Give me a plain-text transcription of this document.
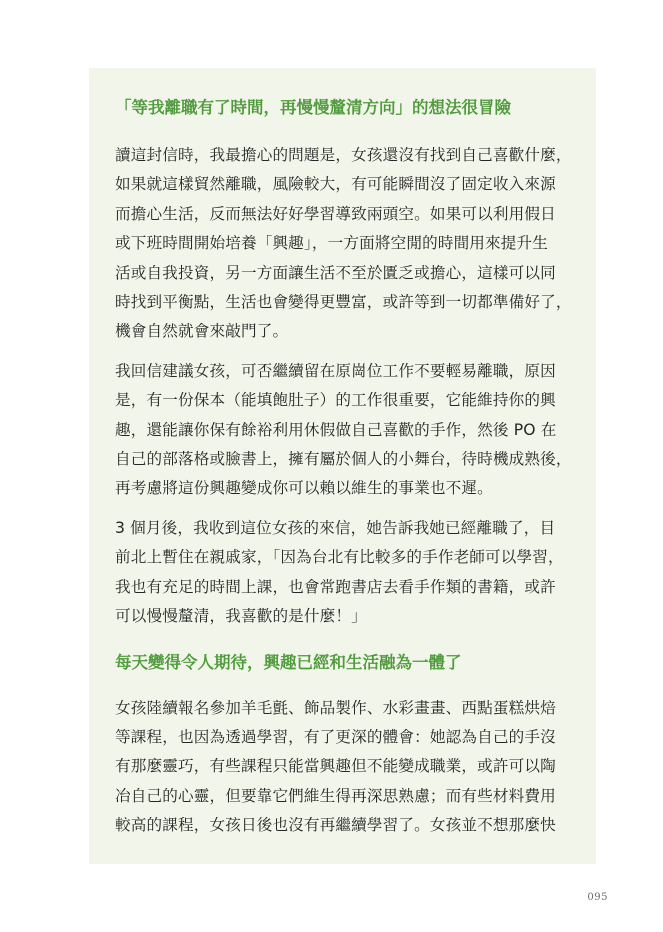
「等我離職有了時間，再慢慢釐清方向」的想法很冒險

讀這封信時，我最擔心的問題是，女孩還沒有找到自己喜歡什麼，
如果就這樣貿然離職，風險較大，有可能瞬間沒了固定收入來源
而擔心生活，反而無法好好學習導致兩頭空。如果可以利用假日
或下班時間開始培養「興趣」，一方面將空閒的時間用來提升生
活或自我投資，另一方面讓生活不至於匱乏或擔心，這樣可以同
時找到平衡點，生活也會變得更豐富，或許等到一切都準備好了，
機會自然就會來敲門了。

我回信建議女孩，可否繼續留在原崗位工作不要輕易離職，原因
是，有一份保本（能填飽肚子）的工作很重要，它能維持你的興
趣，還能讓你保有餘裕利用休假做自己喜歡的手作，然後 PO 在
自己的部落格或臉書上，擁有屬於個人的小舞台，待時機成熟後，
再考慮將這份興趣變成你可以賴以維生的事業也不遲。

3 個月後，我收到這位女孩的來信，她告訴我她已經離職了，目
前北上暫住在親戚家，「因為台北有比較多的手作老師可以學習，
我也有充足的時間上課，也會常跑書店去看手作類的書籍，或許
可以慢慢釐清，我喜歡的是什麼！」

每天變得令人期待，興趣已經和生活融為一體了

女孩陸續報名參加羊毛氈、飾品製作、水彩畫畫、西點蛋糕烘焙
等課程，也因為透過學習，有了更深的體會：她認為自己的手沒
有那麼靈巧，有些課程只能當興趣但不能變成職業，或許可以陶
冶自己的心靈，但要靠它們維生得再深思熟慮；而有些材料費用
較高的課程，女孩日後也沒有再繼續學習了。女孩並不想那麼快

095
